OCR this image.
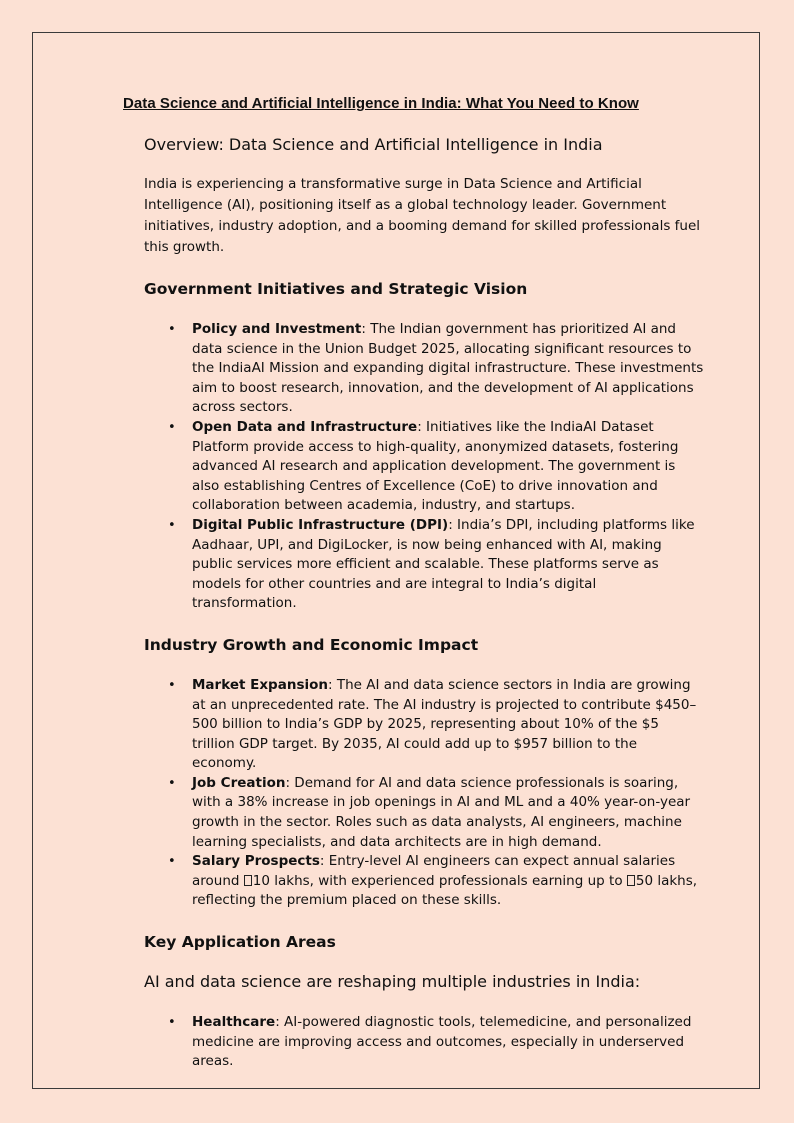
Data Science and Artificial Intelligence in India: What You Need to Know
Overview: Data Science and Artificial Intelligence in India

India is experiencing a transformative surge in Data Science and Artificial Intelligence (AI), positioning itself as a global technology leader. Government initiatives, industry adoption, and a booming demand for skilled professionals fuel this growth.

Government Initiatives and Strategic Vision
• Policy and Investment: The Indian government has prioritized AI and data science in the Union Budget 2025, allocating significant resources to the IndiaAI Mission and expanding digital infrastructure. These investments aim to boost research, innovation, and the development of AI applications across sectors.
• Open Data and Infrastructure: Initiatives like the IndiaAI Dataset Platform provide access to high-quality, anonymized datasets, fostering advanced AI research and application development. The government is also establishing Centres of Excellence (CoE) to drive innovation and collaboration between academia, industry, and startups.
• Digital Public Infrastructure (DPI): India’s DPI, including platforms like Aadhaar, UPI, and DigiLocker, is now being enhanced with AI, making public services more efficient and scalable. These platforms serve as models for other countries and are integral to India’s digital transformation.
Industry Growth and Economic Impact
• Market Expansion: The AI and data science sectors in India are growing at an unprecedented rate. The AI industry is projected to contribute $450–500 billion to India’s GDP by 2025, representing about 10% of the $5 trillion GDP target. By 2035, AI could add up to $957 billion to the economy.
• Job Creation: Demand for AI and data science professionals is soaring, with a 38% increase in job openings in AI and ML and a 40% year-on-year growth in the sector. Roles such as data analysts, AI engineers, machine learning specialists, and data architects are in high demand.
• Salary Prospects: Entry-level AI engineers can expect annual salaries around 10 lakhs, with experienced professionals earning up to 50 lakhs, reflecting the premium placed on these skills.
Key Application Areas

AI and data science are reshaping multiple industries in India:

• Healthcare: AI-powered diagnostic tools, telemedicine, and personalized medicine are improving access and outcomes, especially in underserved areas.
